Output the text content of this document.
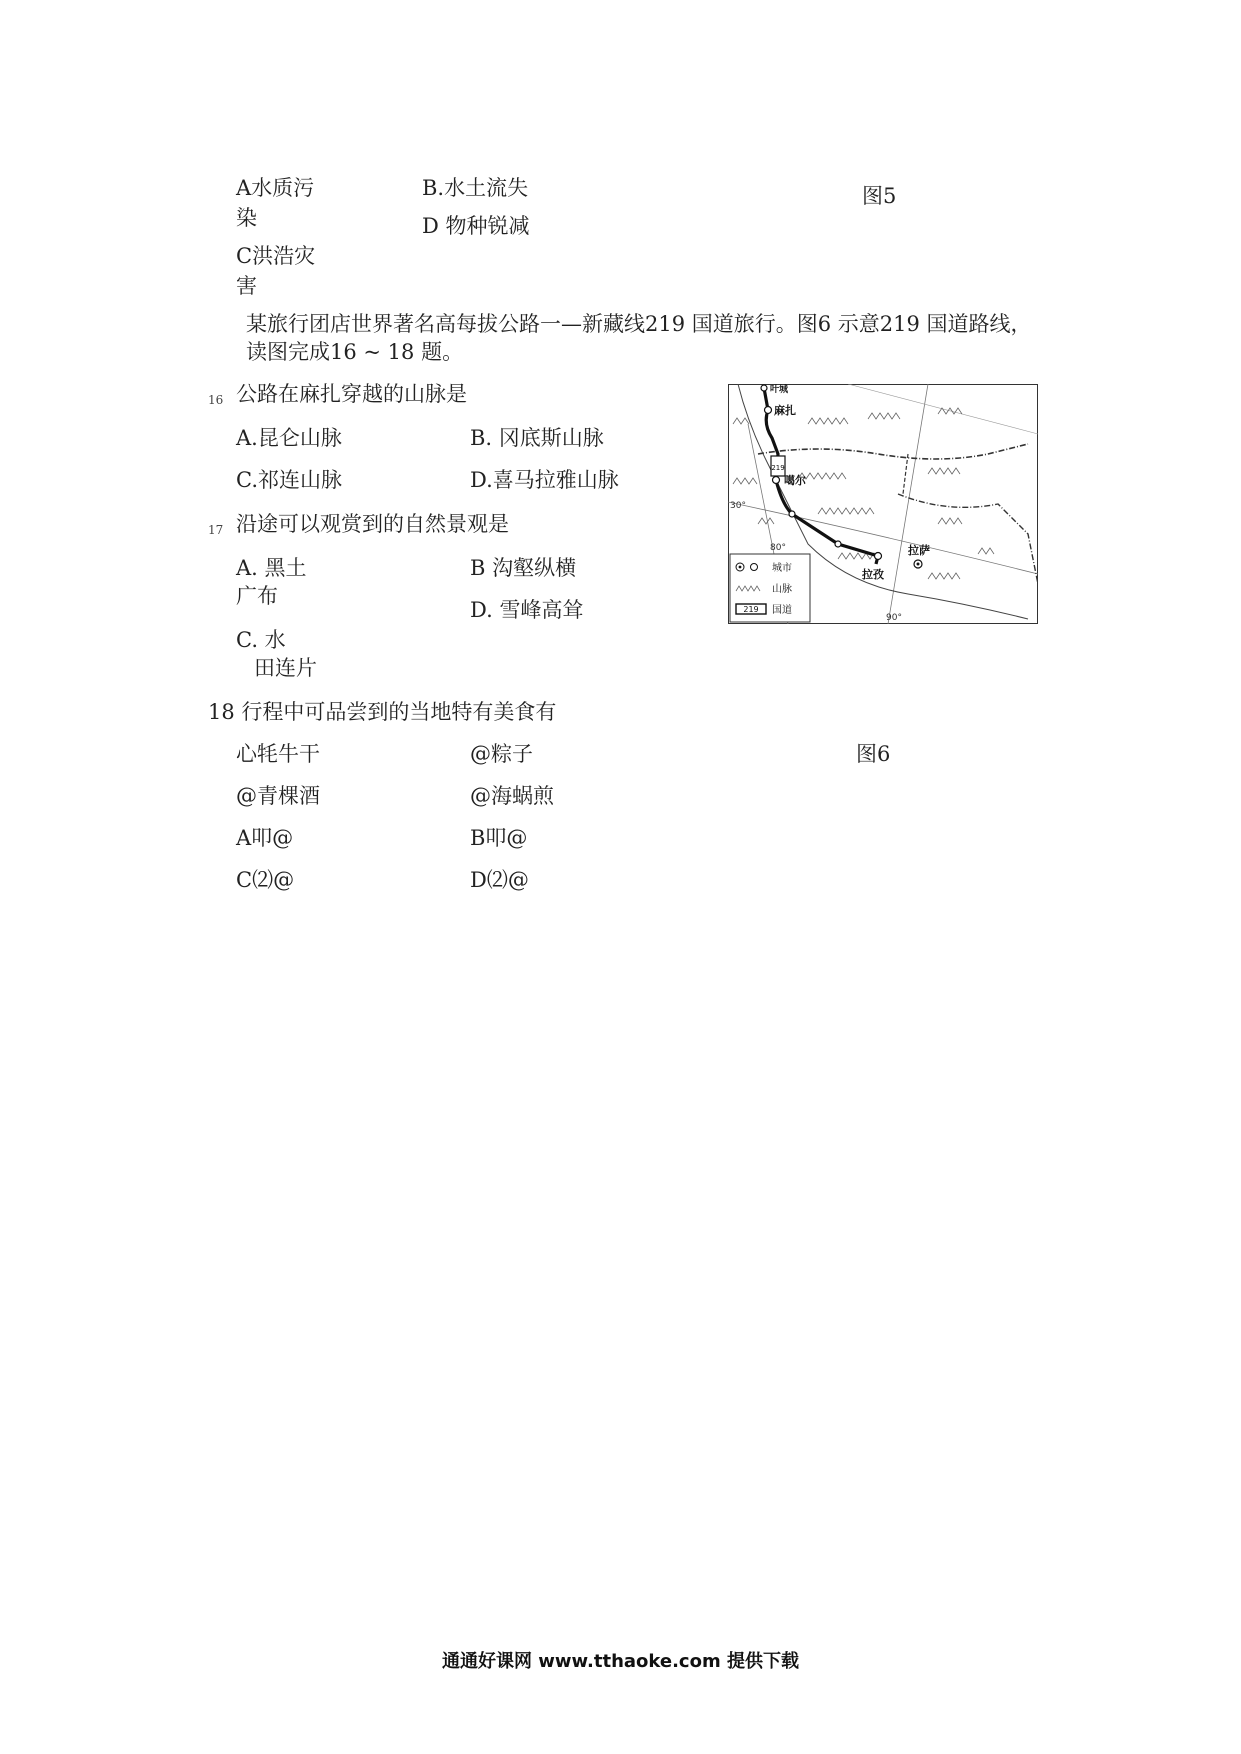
A水质污
染
B.水土流失
D 物种锐减
C洪浩灾
害
图5
某旅行团店世界著名高每拔公路一—新藏线219 国道旅行。图6 示意219 国道路线，
读图完成16 ~ 18 题。
16 公路在麻扎穿越的山脉是
A.昆仑山脉	B. 冈底斯山脉
C.祁连山脉	D.喜马拉雅山脉
17 沿途可以观赏到的自然景观是
A. 黑土
广布
B 沟壑纵横
D. 雪峰高耸
C. 水
田连片
18 行程中可品尝到的当地特有美食有
心牦牛干	@粽子	图6
@青棵酒	@海蜗煎
A叩@	B叩@
C⑵@	D⑵@
219
叶城
麻扎
噶尔
拉孜
拉萨
30°
80°
90°
城市
山脉
219 国道
通通好课网 www.tthaoke.com 提供下载
